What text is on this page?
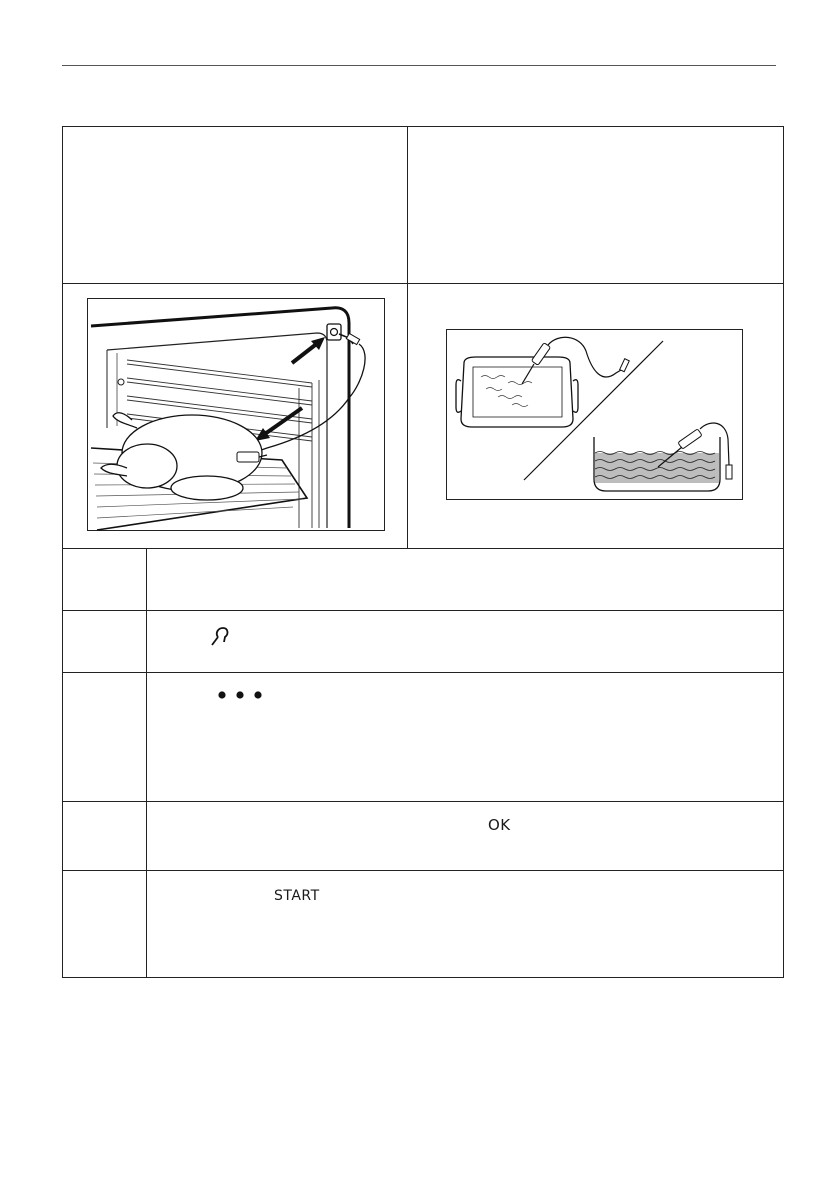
	OK	

	START	
